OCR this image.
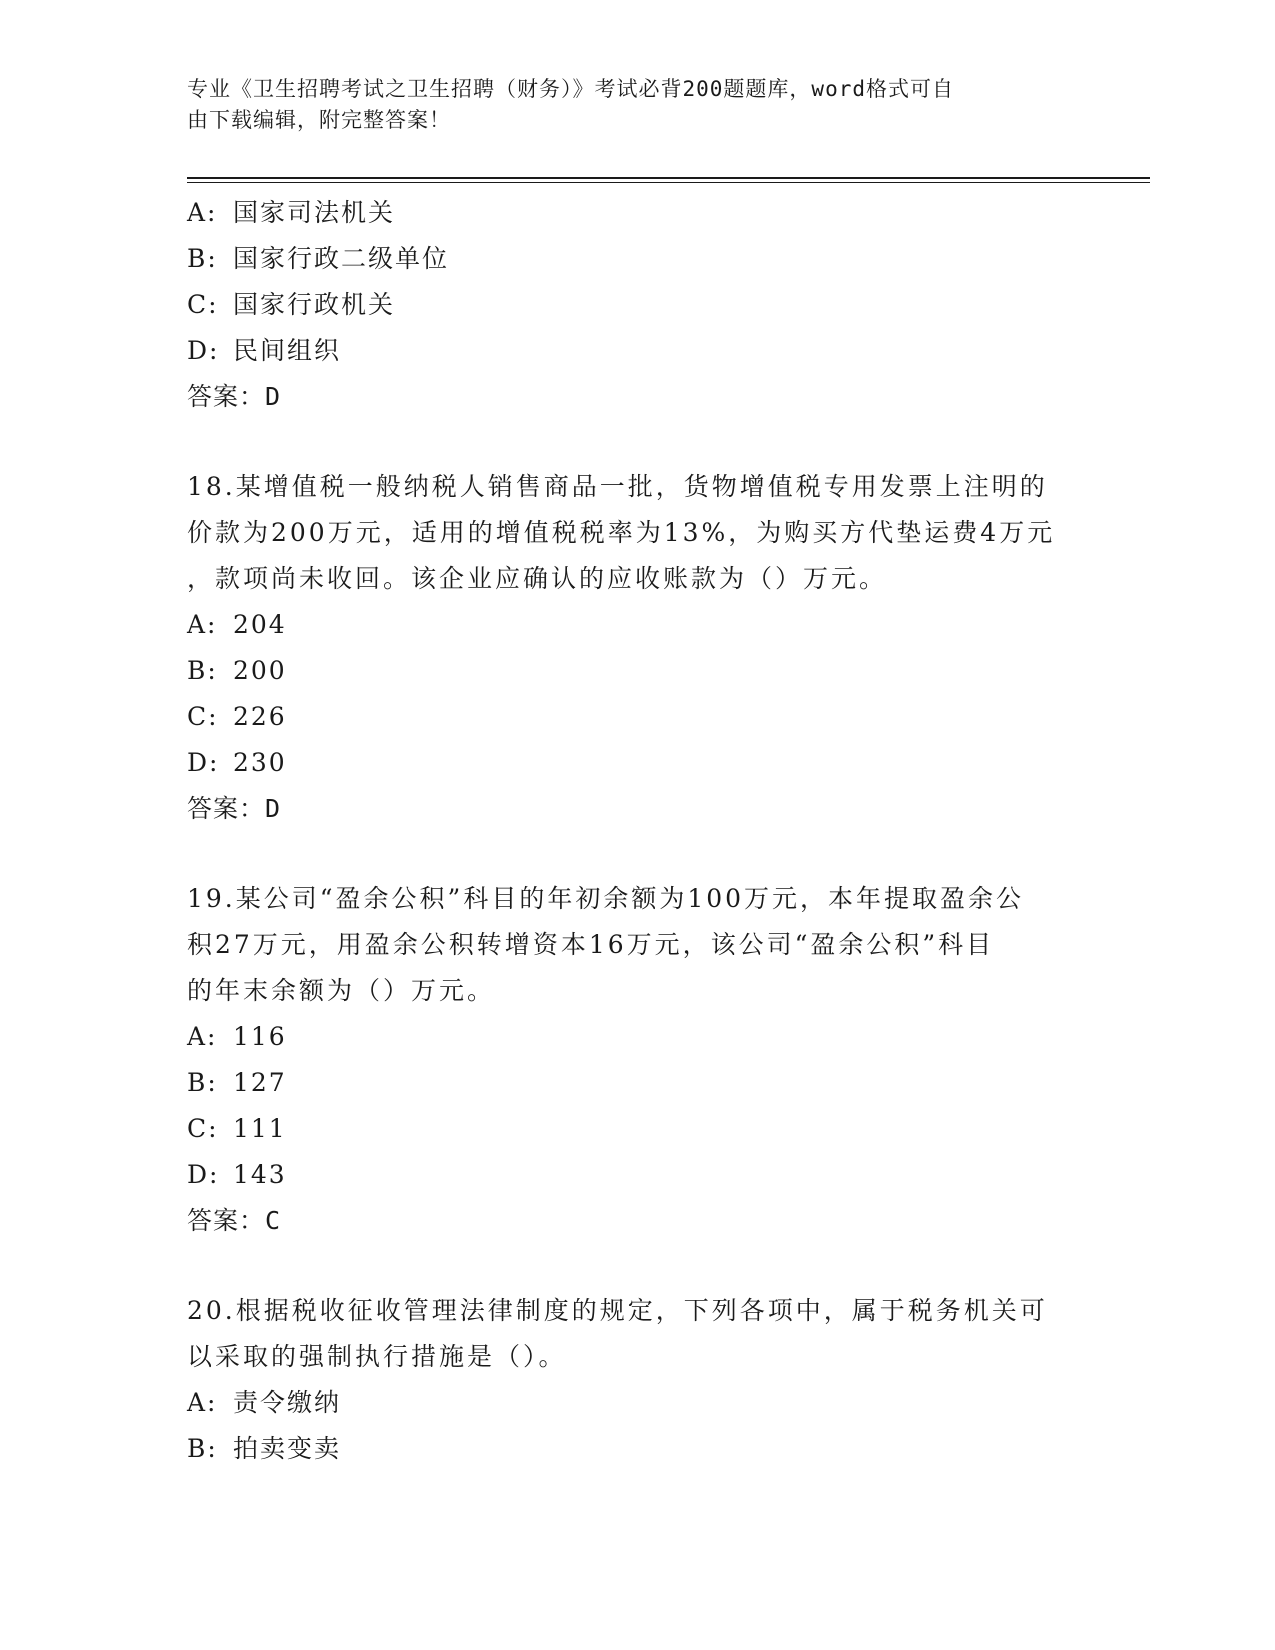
专业《卫生招聘考试之卫生招聘（财务）》考试必背200题题库，word格式可自
由下载编辑，附完整答案！
A: 国家司法机关
B: 国家行政二级单位
C: 国家行政机关
D: 民间组织
答案：D
18.某增值税一般纳税人销售商品一批，货物增值税专用发票上注明的
价款为200万元，适用的增值税税率为13%，为购买方代垫运费4万元
，款项尚未收回。该企业应确认的应收账款为（）万元。
A: 204
B: 200
C: 226
D: 230
答案：D
19.某公司“盈余公积”科目的年初余额为100万元，本年提取盈余公
积27万元，用盈余公积转增资本16万元，该公司“盈余公积”科目
的年末余额为（）万元。
A: 116
B: 127
C: 111
D: 143
答案：C
20.根据税收征收管理法律制度的规定，下列各项中，属于税务机关可
以采取的强制执行措施是（）。
A: 责令缴纳
B: 拍卖变卖
